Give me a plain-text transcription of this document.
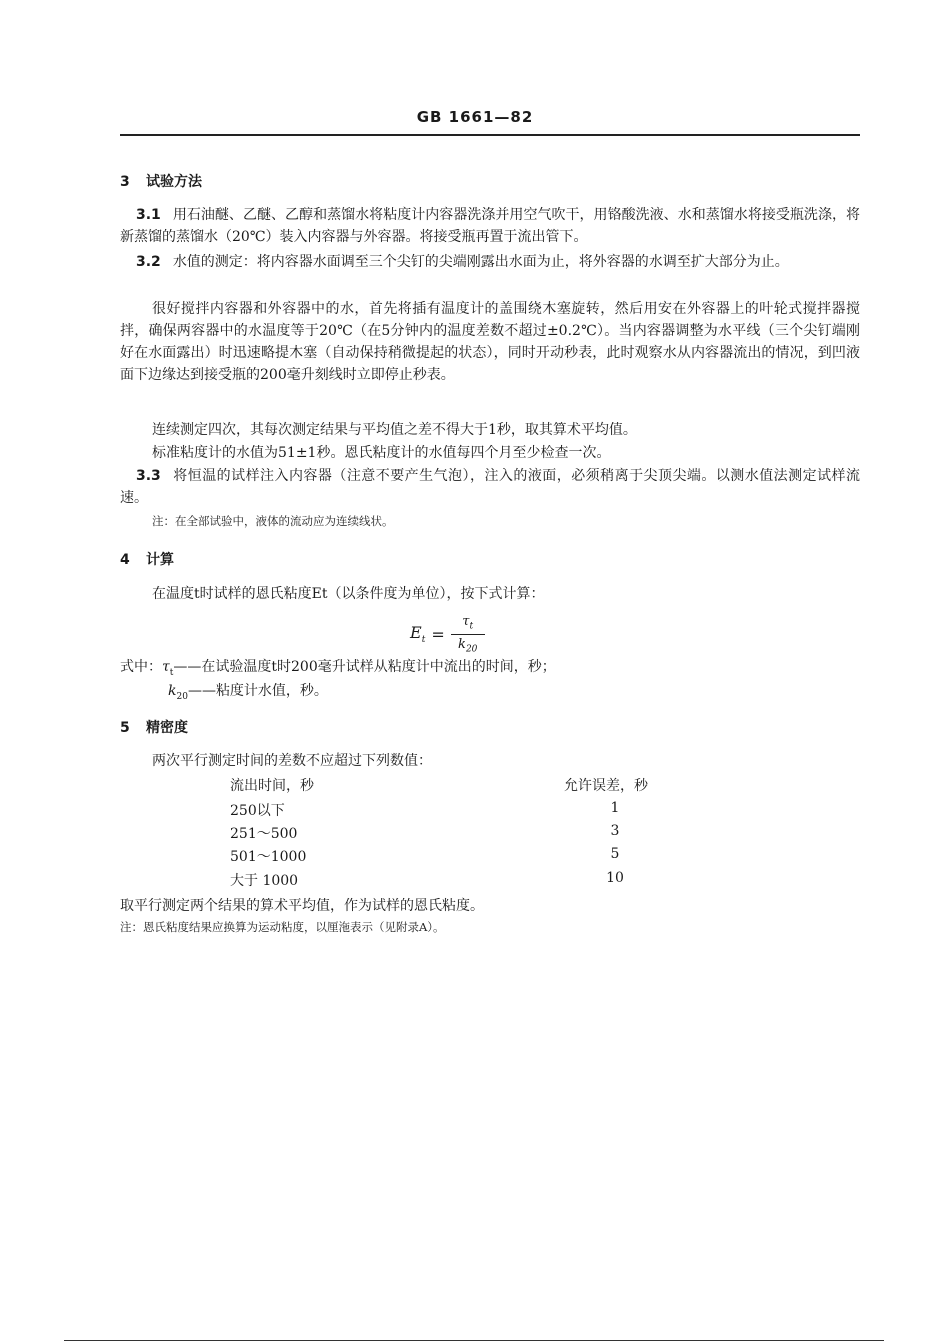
GB 1661—82
3 试验方法
3.1 用石油醚、乙醚、乙醇和蒸馏水将粘度计内容器洗涤并用空气吹干，用铬酸洗液、水和蒸馏水将接受瓶洗涤，将新蒸馏的蒸馏水（20℃）装入内容器与外容器。将接受瓶再置于流出管下。
3.2 水值的测定：将内容器水面调至三个尖钉的尖端刚露出水面为止，将外容器的水调至扩大部分为止。
很好搅拌内容器和外容器中的水，首先将插有温度计的盖围绕木塞旋转，然后用安在外容器上的叶轮式搅拌器搅拌，确保两容器中的水温度等于20℃（在5分钟内的温度差数不超过±0.2℃）。当内容器调整为水平线（三个尖钉端刚好在水面露出）时迅速略提木塞（自动保持稍微提起的状态），同时开动秒表，此时观察水从内容器流出的情况，到凹液面下边缘达到接受瓶的200毫升刻线时立即停止秒表。
连续测定四次，其每次测定结果与平均值之差不得大于1秒，取其算术平均值。
标准粘度计的水值为51±1秒。恩氏粘度计的水值每四个月至少检查一次。
3.3 将恒温的试样注入内容器（注意不要产生气泡），注入的液面，必须稍离于尖顶尖端。以测水值法测定试样流速。
注：在全部试验中，液体的流动应为连续线状。
4 计算
在温度t时试样的恩氏粘度Et（以条件度为单位），按下式计算：
$E_t = \frac{\tau_t}{k_{20}}$
式中：$\tau_t——$在试验温度t时200毫升试样从粘度计中流出的时间，秒；
$k_{20}——$粘度计水值，秒。
5 精密度
两次平行测定时间的差数不应超过下列数值：
流出时间，秒	允许误差，秒
250以下	1
251～500	3
501～1000	5
大于 1000	10
取平行测定两个结果的算术平均值，作为试样的恩氏粘度。
注：恩氏粘度结果应换算为运动粘度，以厘沲表示（见附录A）。
